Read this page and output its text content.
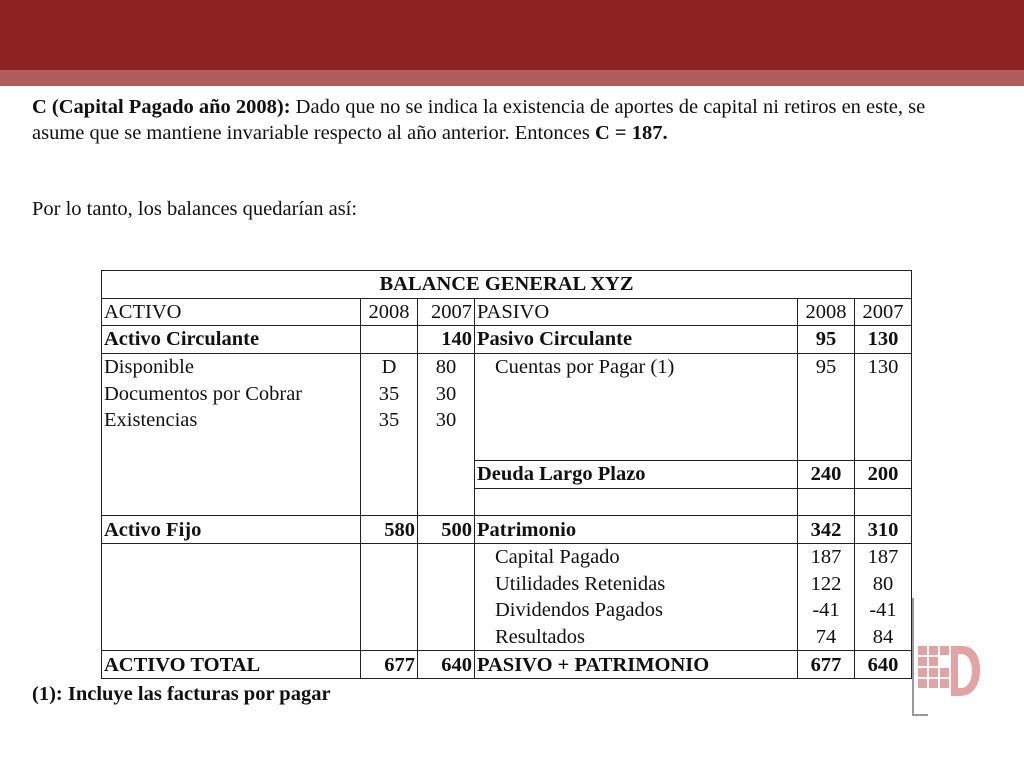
C (Capital Pagado año 2008): Dado que no se indica la existencia de aportes de capital ni retiros en este, se asume que se mantiene invariable respecto al año anterior. Entonces C = 187.

Por lo tanto, los balances quedarían así:

BALANCE GENERAL XYZ					
ACTIVO	2008	2007	PASIVO	2008	2007
Activo Circulante		140	Pasivo Circulante	95	130
Disponible	D	80	Cuentas por Pagar (1)	95	130
Documentos por Cobrar	35	30			
Existencias	35	30			

			Deuda Largo Plazo	240	200

Activo Fijo	580	500	Patrimonio	342	310
			Capital Pagado	187	187
			Utilidades Retenidas	122	80
			Dividendos Pagados	-41	-41
			Resultados	74	84
ACTIVO TOTAL	677	640	PASIVO + PATRIMONIO	677	640

(1): Incluye las facturas por pagar
